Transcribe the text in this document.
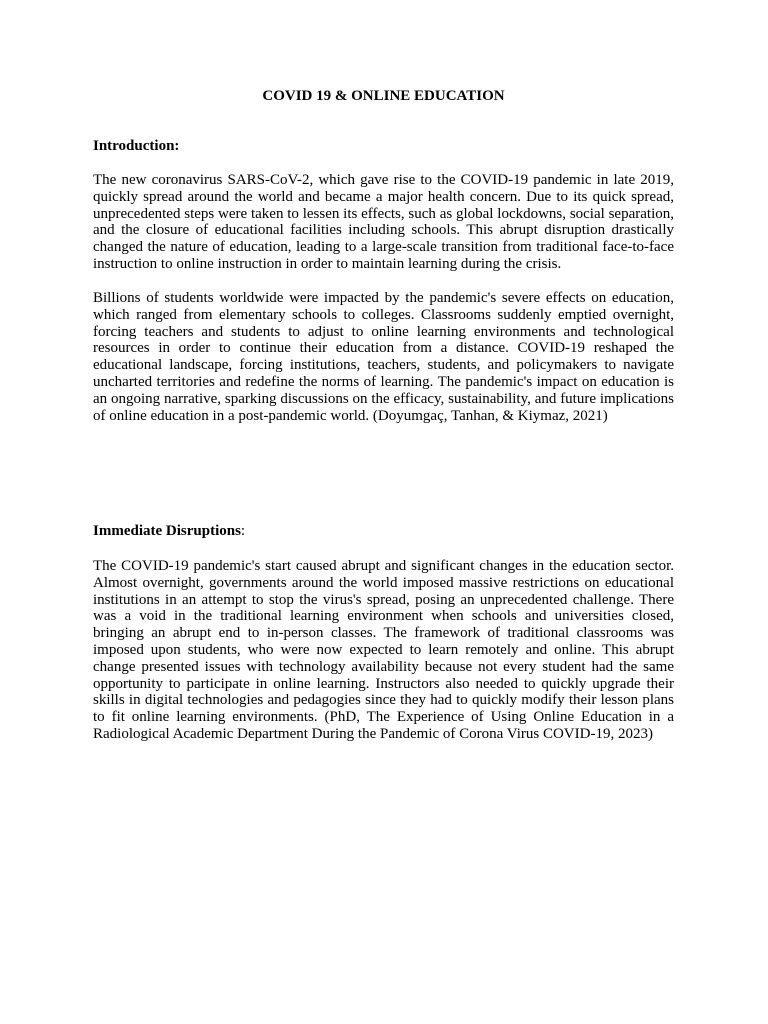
COVID 19 & ONLINE EDUCATION

Introduction:

The new coronavirus SARS-CoV-2, which gave rise to the COVID-19 pandemic in late 2019, quickly spread around the world and became a major health concern. Due to its quick spread, unprecedented steps were taken to lessen its effects, such as global lockdowns, social separation, and the closure of educational facilities including schools. This abrupt disruption drastically changed the nature of education, leading to a large-scale transition from traditional face-to-face instruction to online instruction in order to maintain learning during the crisis.

Billions of students worldwide were impacted by the pandemic's severe effects on education, which ranged from elementary schools to colleges. Classrooms suddenly emptied overnight, forcing teachers and students to adjust to online learning environments and technological resources in order to continue their education from a distance. COVID-19 reshaped the educational landscape, forcing institutions, teachers, students, and policymakers to navigate uncharted territories and redefine the norms of learning. The pandemic's impact on education is an ongoing narrative, sparking discussions on the efficacy, sustainability, and future implications of online education in a post-pandemic world. (Doyumgaç, Tanhan, & Kiymaz, 2021)

Immediate Disruptions:

The COVID-19 pandemic's start caused abrupt and significant changes in the education sector. Almost overnight, governments around the world imposed massive restrictions on educational institutions in an attempt to stop the virus's spread, posing an unprecedented challenge. There was a void in the traditional learning environment when schools and universities closed, bringing an abrupt end to in-person classes. The framework of traditional classrooms was imposed upon students, who were now expected to learn remotely and online. This abrupt change presented issues with technology availability because not every student had the same opportunity to participate in online learning. Instructors also needed to quickly upgrade their skills in digital technologies and pedagogies since they had to quickly modify their lesson plans to fit online learning environments. (PhD, The Experience of Using Online Education in a Radiological Academic Department During the Pandemic of Corona Virus COVID-19, 2023)
